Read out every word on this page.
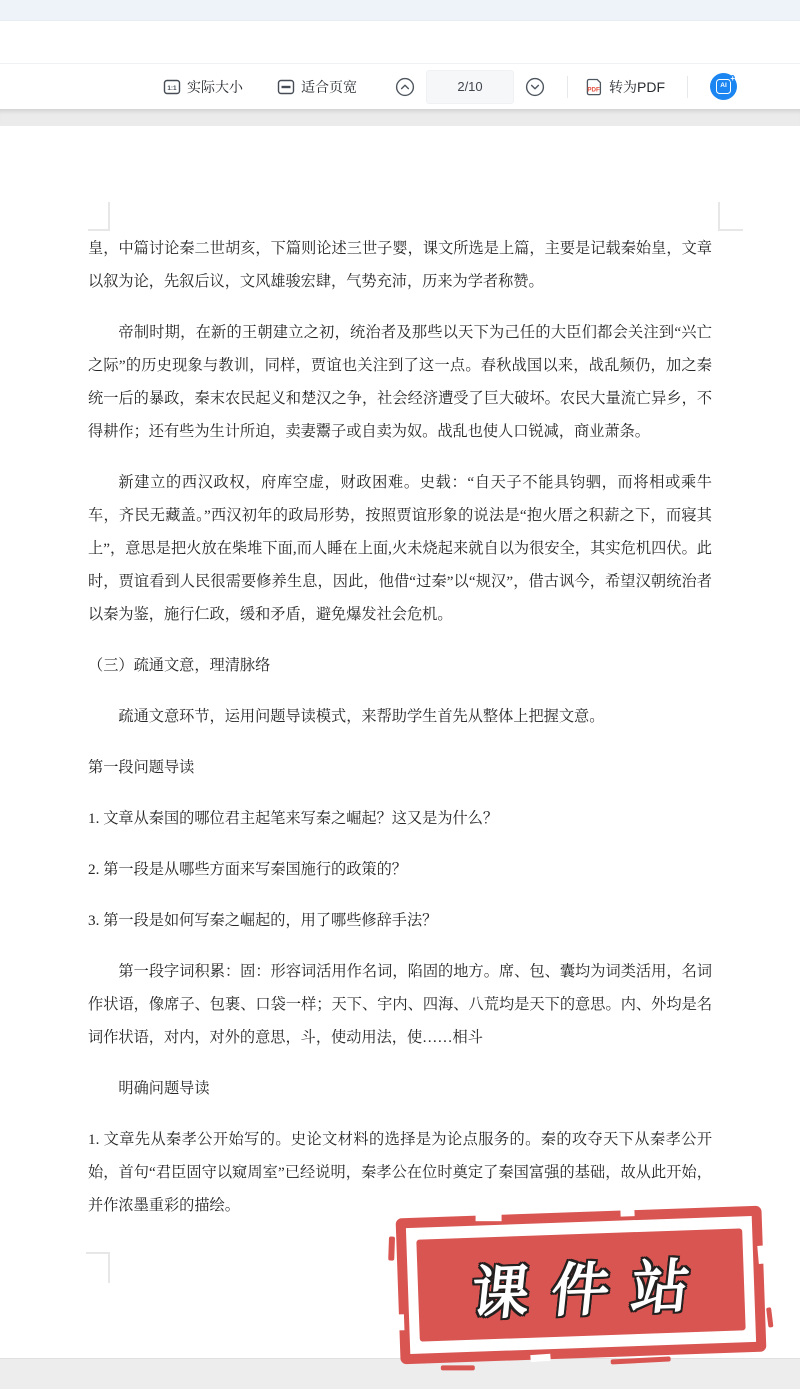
1:1 实际大小	适合页宽	2/10	PDF 转为PDF	AI
+

皇，中篇讨论秦二世胡亥，下篇则论述三世子婴，课文所选是上篇，主要是记载秦始皇，文章以叙为论，先叙后议，文风雄骏宏肆，气势充沛，历来为学者称赞。

帝制时期，在新的王朝建立之初，统治者及那些以天下为己任的大臣们都会关注到“兴亡之际”的历史现象与教训，同样，贾谊也关注到了这一点。春秋战国以来，战乱频仍，加之秦统一后的暴政，秦末农民起义和楚汉之争，社会经济遭受了巨大破坏。农民大量流亡异乡，不得耕作；还有些为生计所迫，卖妻鬻子或自卖为奴。战乱也使人口锐减，商业萧条。

新建立的西汉政权，府库空虚，财政困难。史载：“自天子不能具钧驷，而将相或乘牛车，齐民无藏盖。”西汉初年的政局形势，按照贾谊形象的说法是“抱火厝之积薪之下，而寝其上”，意思是把火放在柴堆下面,而人睡在上面,火未烧起来就自以为很安全，其实危机四伏。此时，贾谊看到人民很需要修养生息，因此，他借“过秦”以“规汉”，借古讽今，希望汉朝统治者以秦为鉴，施行仁政，缓和矛盾，避免爆发社会危机。

（三）疏通文意，理清脉络

疏通文意环节，运用问题导读模式，来帮助学生首先从整体上把握文意。

第一段问题导读

1. 文章从秦国的哪位君主起笔来写秦之崛起？这又是为什么？

2. 第一段是从哪些方面来写秦国施行的政策的？

3. 第一段是如何写秦之崛起的，用了哪些修辞手法？

第一段字词积累：固：形容词活用作名词，陷固的地方。席、包、囊均为词类活用，名词作状语，像席子、包裹、口袋一样；天下、宇内、四海、八荒均是天下的意思。内、外均是名词作状语，对内，对外的意思，斗，使动用法，使……相斗

明确问题导读

1. 文章先从秦孝公开始写的。史论文材料的选择是为论点服务的。秦的攻夺天下从秦孝公开始，首句“君臣固守以窥周室”已经说明，秦孝公在位时奠定了秦国富强的基础，故从此开始，并作浓墨重彩的描绘。

课件站
